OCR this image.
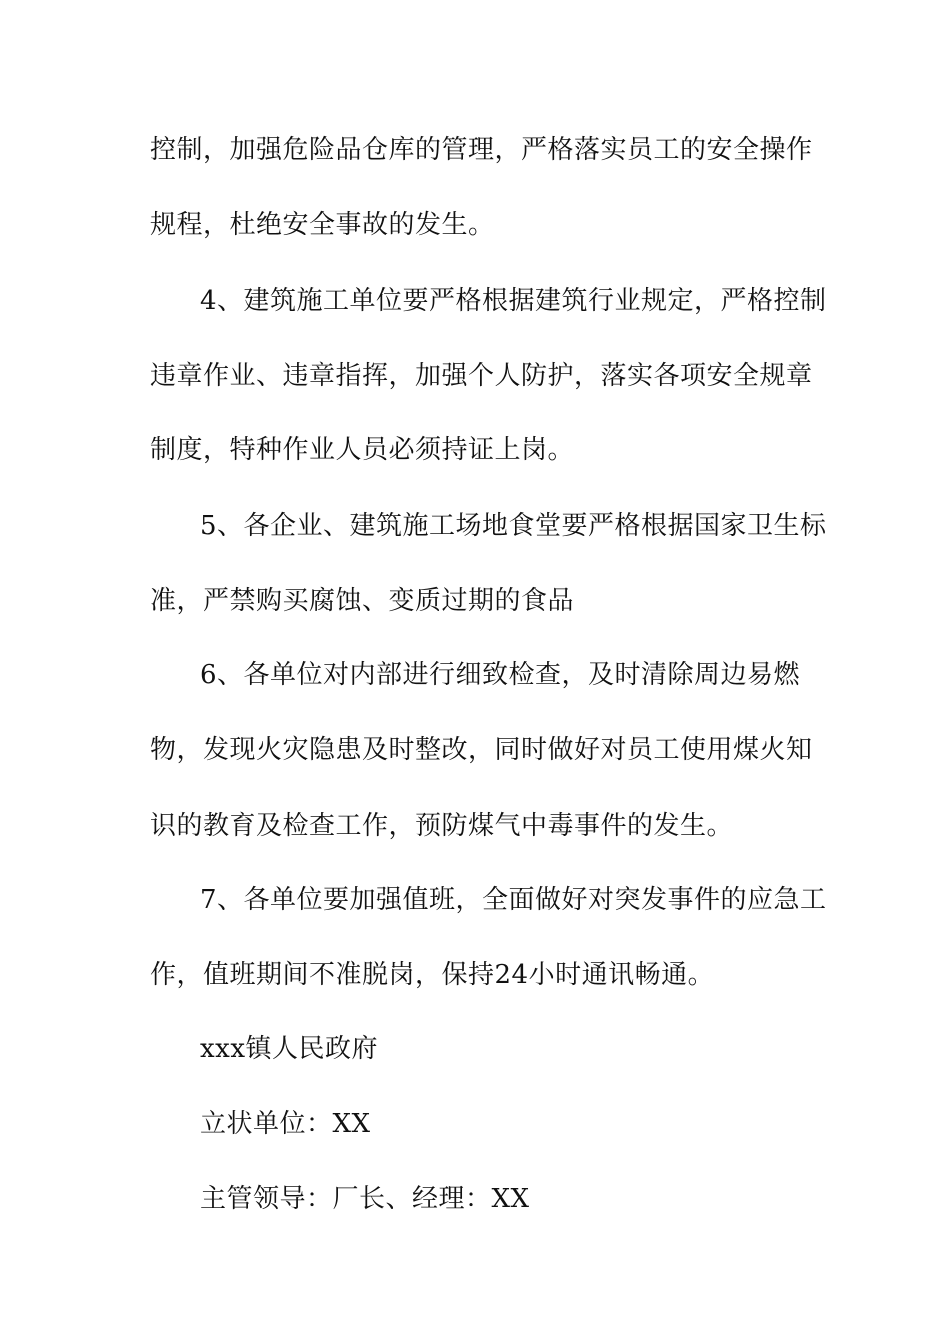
控制，加强危险品仓库的管理，严格落实员工的安全操作
规程，杜绝安全事故的发生。
4、建筑施工单位要严格根据建筑行业规定，严格控制
违章作业、违章指挥，加强个人防护，落实各项安全规章
制度，特种作业人员必须持证上岗。
5、各企业、建筑施工场地食堂要严格根据国家卫生标
准，严禁购买腐蚀、变质过期的食品
6、各单位对内部进行细致检查，及时清除周边易燃
物，发现火灾隐患及时整改，同时做好对员工使用煤火知
识的教育及检查工作，预防煤气中毒事件的发生。
7、各单位要加强值班，全面做好对突发事件的应急工
作，值班期间不准脱岗，保持24小时通讯畅通。
xxx镇人民政府
立状单位：XX
主管领导：厂长、经理：XX
